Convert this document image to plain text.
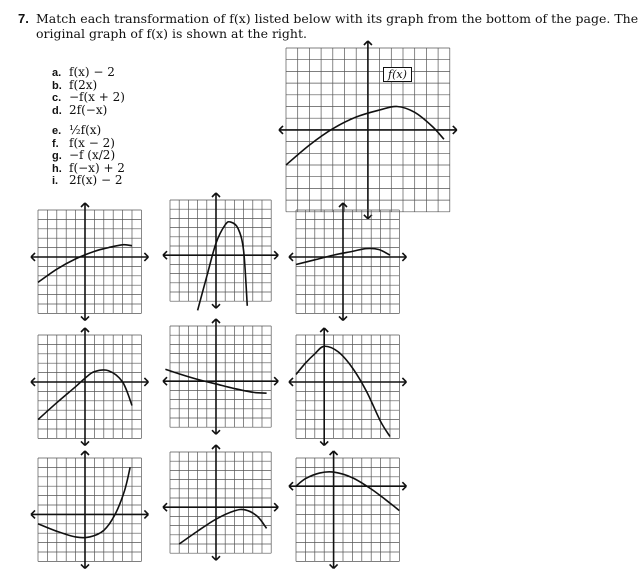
7. Match each transformation of f(x) listed below with its graph from the bottom of the page. The
original graph of f(x) is shown at the right.
a. f(x) − 2
b. f(2x)
c. −f(x + 2)
d. 2f(−x)
e. ½f(x)
f. f(x − 2)
g. −f (x/2)
h. f(−x) + 2
i. 2f(x) − 2
f(x)
